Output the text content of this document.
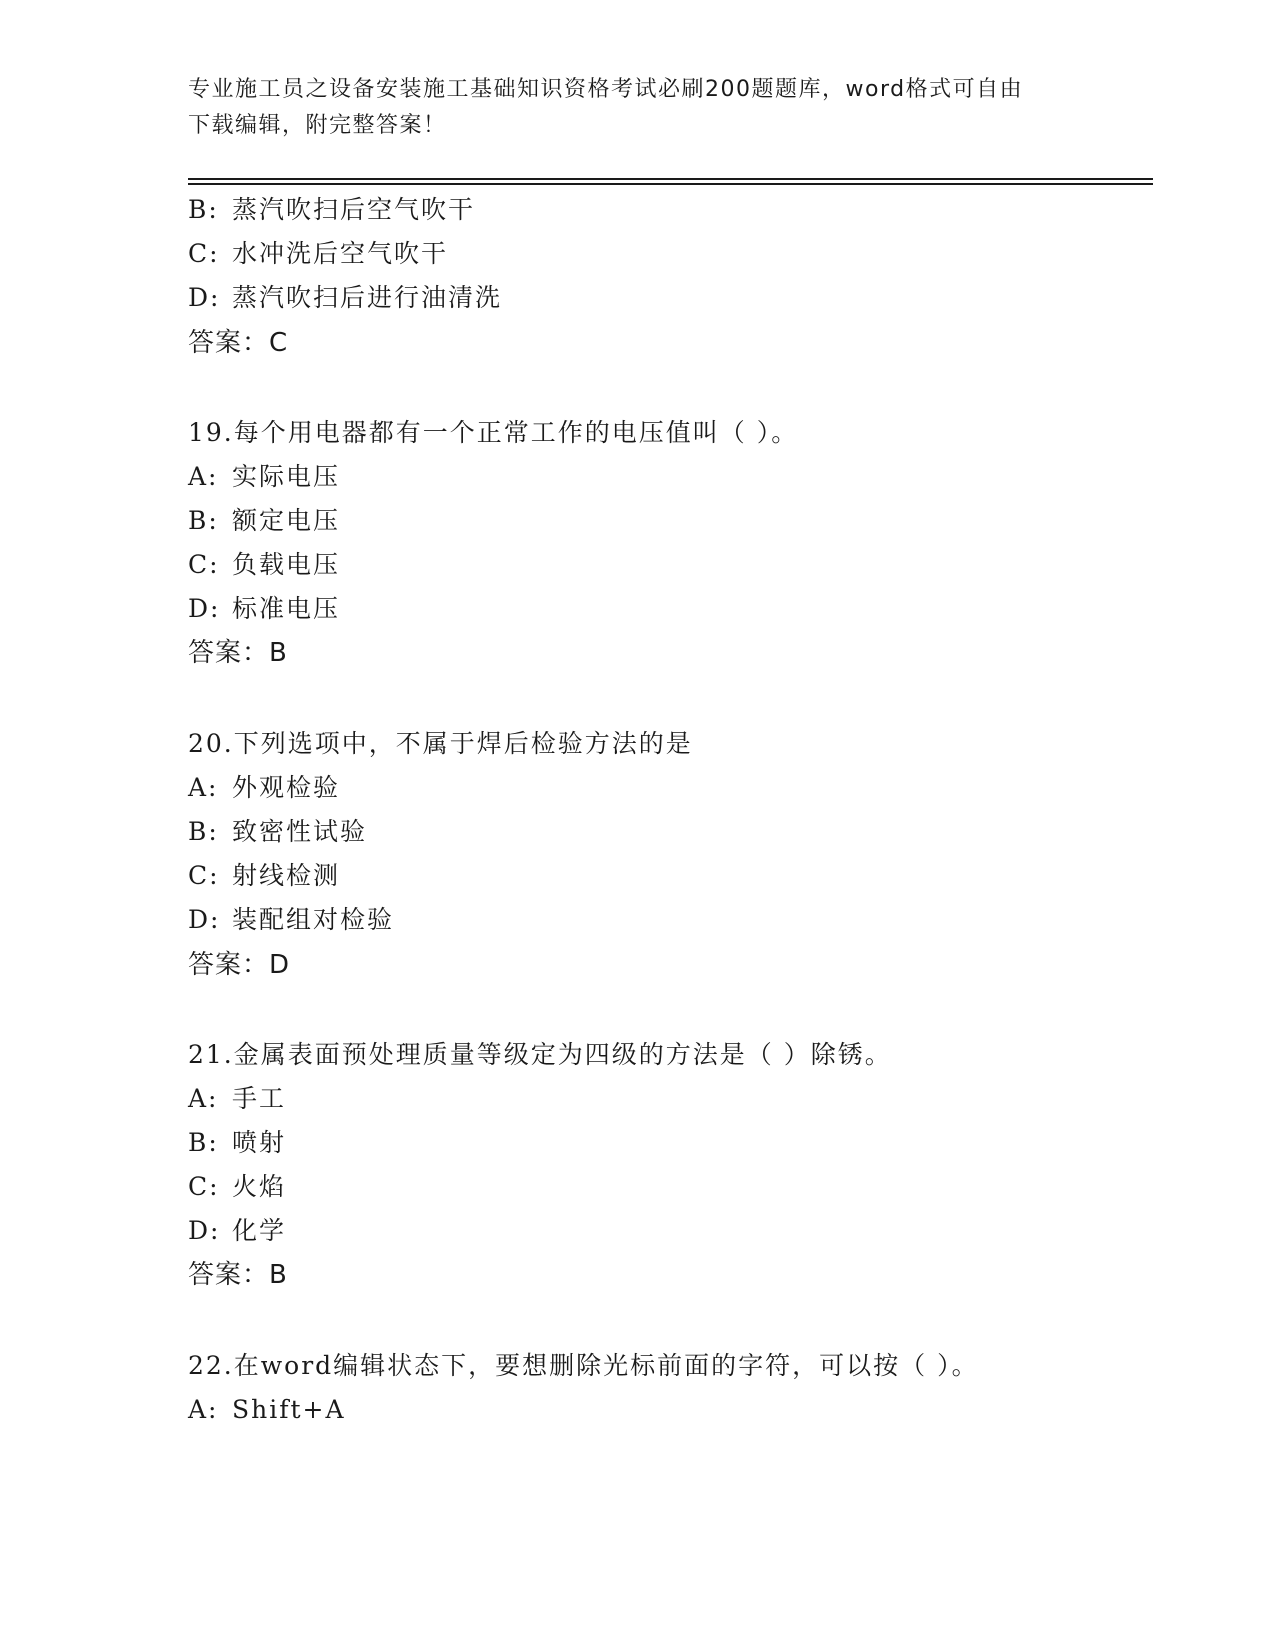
专业施工员之设备安装施工基础知识资格考试必刷200题题库，word格式可自由
下载编辑，附完整答案！
B: 蒸汽吹扫后空气吹干
C: 水冲洗后空气吹干
D: 蒸汽吹扫后进行油清洗
答案：C
19.每个用电器都有一个正常工作的电压值叫（ ）。
A: 实际电压
B: 额定电压
C: 负载电压
D: 标准电压
答案：B
20.下列选项中，不属于焊后检验方法的是
A: 外观检验
B: 致密性试验
C: 射线检测
D: 装配组对检验
答案：D
21.金属表面预处理质量等级定为四级的方法是（ ）除锈。
A: 手工
B: 喷射
C: 火焰
D: 化学
答案：B
22.在word编辑状态下，要想删除光标前面的字符，可以按（ ）。
A: Shift+A
